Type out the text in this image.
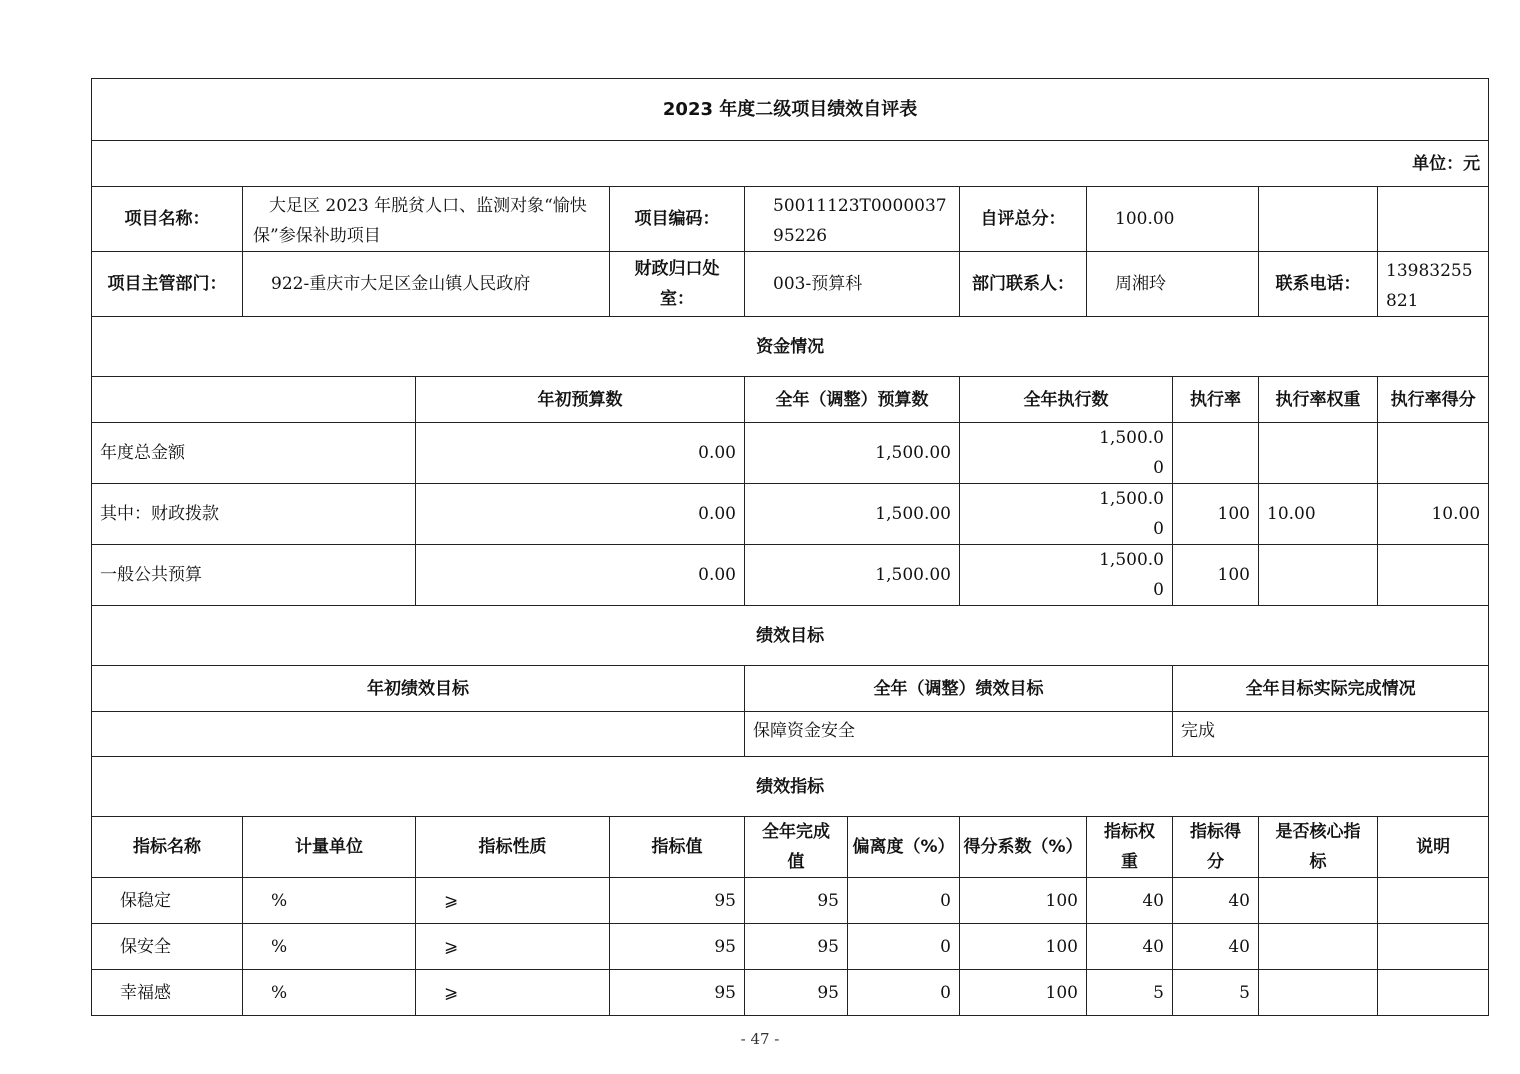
2023 年度二级项目绩效自评表										
单位：元										
项目名称：	大足区 2023 年脱贫人口、监测对象“愉快保”参保补助项目		项目编码：	50011123T000003795226		自评总分：	100.00			
项目主管部门：	922-重庆市大足区金山镇人民政府		财政归口处室：	003-预算科		部门联系人：	周湘玲		联系电话：	13983255821
资金情况										
		年初预算数		全年（调整）预算数		全年执行数		执行率	执行率权重	执行率得分
年度总金额		0.00		1,500.00		1,500.00				
其中：财政拨款		0.00		1,500.00		1,500.00		100	10.00	10.00
一般公共预算		0.00		1,500.00		1,500.00		100		
绩效目标										
年初绩效目标				全年（调整）绩效目标				全年目标实际完成情况		
				保障资金安全				完成		
绩效指标										
指标名称	计量单位	指标性质	指标值	全年完成值	偏离度（%）	得分系数（%）	指标权重	指标得分	是否核心指标	说明
保稳定	%	⩾	95	95	0	100	40	40		
保安全	%	⩾	95	95	0	100	40	40		
幸福感	%	⩾	95	95	0	100	5	5		
- 47 -
